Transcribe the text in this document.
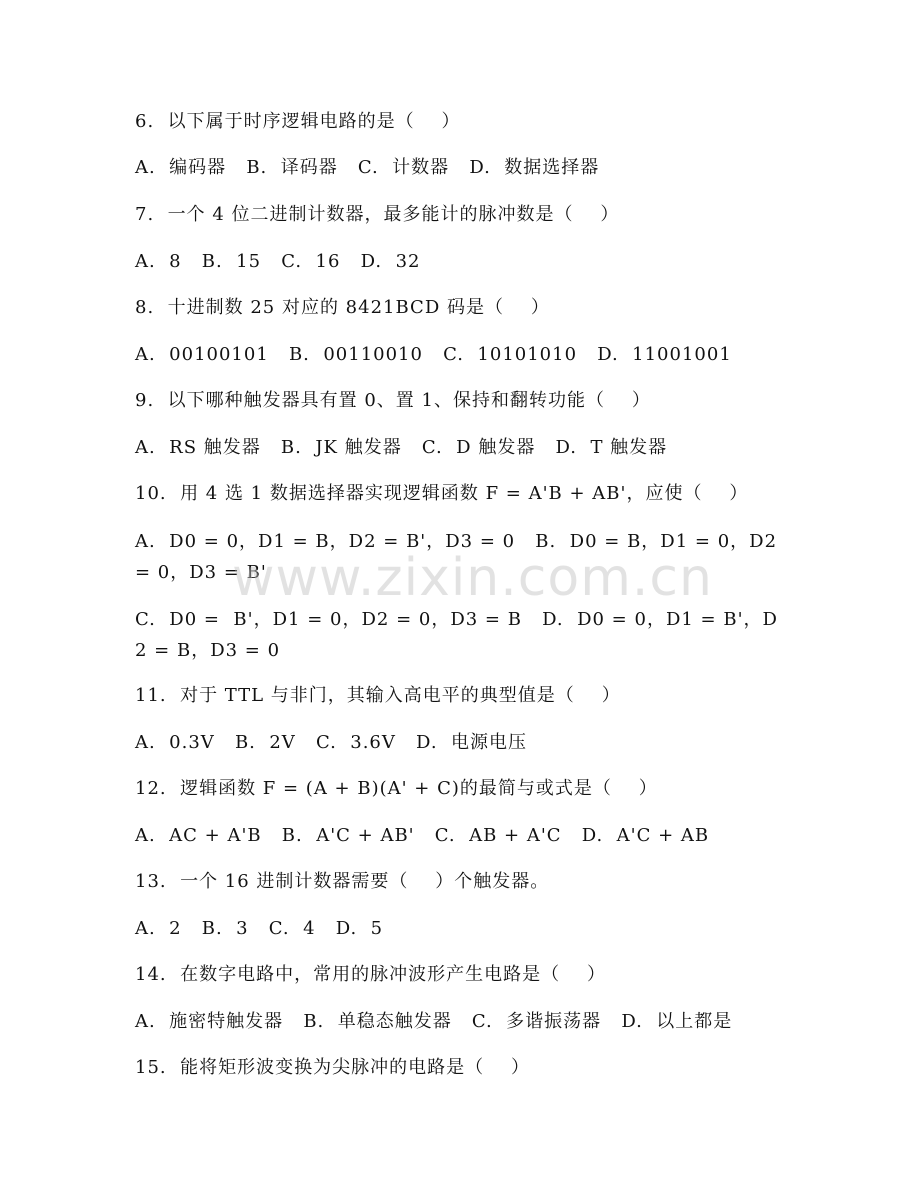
6.  以下属于时序逻辑电路的是（    ）
A.  编码器   B.  译码器   C.  计数器   D.  数据选择器
7.  一个 4 位二进制计数器，最多能计的脉冲数是（    ）
A.  8   B.  15   C.  16   D.  32
8.  十进制数 25 对应的 8421BCD 码是（    ）
A.  00100101   B.  00110010   C.  10101010   D.  11001001
9.  以下哪种触发器具有置 0、置 1、保持和翻转功能（    ）
A.  RS 触发器   B.  JK 触发器   C.  D 触发器   D.  T 触发器
10.  用 4 选 1 数据选择器实现逻辑函数 F = A'B + AB'，应使（    ）
A.  D0 = 0，D1 = B，D2 = B'，D3 = 0   B.  D0 = B，D1 = 0，D2 = 0，D3 = B'
C.  D0 =  B'，D1 = 0，D2 = 0，D3 = B   D.  D0 = 0，D1 = B'，D2 = B，D3 = 0
11.  对于 TTL 与非门，其输入高电平的典型值是（    ）
A.  0.3V   B.  2V   C.  3.6V   D.  电源电压
12.  逻辑函数 F = (A + B)(A' + C)的最简与或式是（    ）
A.  AC + A'B   B.  A'C + AB'   C.  AB + A'C   D.  A'C + AB
13.  一个 16 进制计数器需要（    ）个触发器。
A.  2   B.  3   C.  4   D.  5
14.  在数字电路中，常用的脉冲波形产生电路是（    ）
A.  施密特触发器   B.  单稳态触发器   C.  多谐振荡器   D.  以上都是
15.  能将矩形波变换为尖脉冲的电路是（    ）
www.zixin.com.cn
